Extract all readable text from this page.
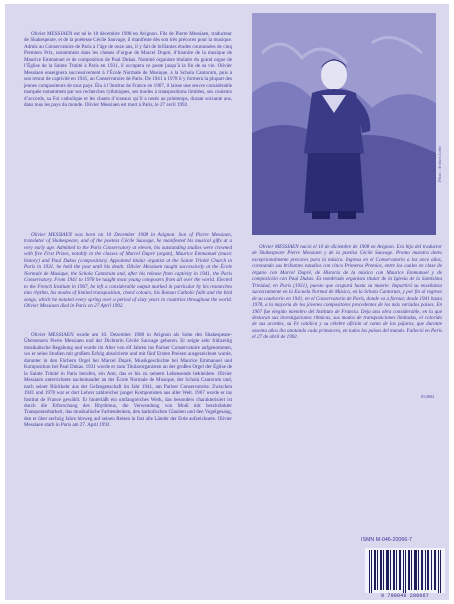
Olivier MESSIAEN est né le 10 décembre 1908 en Avignon. Fils de Pierre Messiaen, traducteur de Shakespeare, et de la poétesse Cécile Sauvage, il manifeste dès son très précoces pour la musique. Admis au Conservatoire de Paris à l’âge de onze ans, il y fait de brillantes études couronnées de cinq Premiers Prix, notamment dans les classes d’orgue de Marcel Dupré, d’histoire de la musique de Maurice Emmanuel et de composition de Paul Dukas. Nommé organiste titulaire du grand orgue de l’Église de la Sainte Trinité à Paris en 1931, il occupera ce poste jusqu’à la fin de sa vie. Olivier Messiaen enseignera successivement à l’École Normale de Musique, à la Schola Cantorum, puis à son retour de captivité en 1941, au Conservatoire de Paris. De 1941 à 1978 il y formera la plupart des jeunes compositeurs de tous pays. Élu à l’Institut de France en 1967, il laisse une œuvre considérable marquée notamment par ses recherches rythmiques, ses modes à transpositions limitées, ses couleurs d’accords, sa Foi catholique et les chants d’oiseaux qu’il a notés au printemps, durant soixante ans, dans tous les pays du monde. Olivier Messiaen est mort à Paris, le 27 avril 1992.

Olivier MESSIAEN was born on 10 December 1908 in Avignon. Son of Pierre Messiaen, translator of Shakespeare, and of the poetess Cécile Sauvage, he manifested his musical gifts at a very early age. Admitted to the Paris Conservatory at eleven, his outstanding studies were crowned with five First Prizes, notably in the classes of Marcel Dupré (organ), Maurice Emmanuel (music history) and Paul Dukas (composition). Appointed titular organist at the Sainte Trinité Church in Paris in 1931, he held the post until his death. Olivier Messiaen taught successively at the École Normale de Musique, the Schola Cantorum and, after his release from captivity in 1941, the Paris Conservatory. From 1941 to 1978 he taught most young composers from all over the world. Elected to the French Institute in 1967, he left a considerable output marked in particular by his researches into rhythm, his modes of limited transposition, chord colours, his Roman Catholic faith and the bird songs, which he notated every spring over a period of sixty years in countries throughout the world. Olivier Messiaen died in Paris on 27 April 1992.

Olivier MESSIAEN wurde am 10. Dezember 1908 in Avignon als Sohn des Shakespeare-Übersetzers Pierre Messiaen und der Dichterin Cécile Sauvage geboren. Er zeigte sehr frühzeitig musikalische Begabung und wurde im Alter von elf Jahren ins Pariser Conservatoire aufgenommen, wo er seine Studien mit großem Erfolg absolvierte und mit fünf Ersten Preisen ausgezeichnet wurde, darunter in den Fächern Orgel bei Marcel Dupré, Musikgeschichte bei Maurice Emmanuel und Komposition bei Paul Dukas. 1931 wurde er zum Titularorganisten an der großen Orgel der Église de la Sainte Trinité in Paris berufen, ein Amt, das er bis zu seinem Lebensende bekleidete. Olivier Messiaen unterrichtete nacheinander an der École Normale de Musique, der Schola Cantorum und, nach seiner Rückkehr aus der Gefangenschaft im Jahr 1941, am Pariser Conservatoire. Zwischen 1941 und 1978 war er dort Lehrer zahlreicher junger Komponisten aus aller Welt. 1967 wurde er ins Institut de France gewählt. Er hinterläßt ein umfangreiches Werk, das besonders charakterisiert ist durch die Erforschung des Rhythmus, die Verwendung von Modi mit beschränkter Transponierbarkeit, das musikalische Farbendenken, den katholischen Glauben und den Vogelgesang, den er über sechzig Jahre hinweg auf seinen Reisen in fast alle Länder der Erde aufzeichnete. Olivier Messiaen starb in Paris am 27. April 1992.

Photo : Arnhem Lotbé

Olivier MESSIAEN nació el 10 de diciembre de 1908 en Avignon. Era hijo del traductor de Shakespeare Pierre Messiaen y de la poetisa Cécile Sauvage. Pronto muestra dotes excepcionalmente precoces para la música. Ingresa en el Conservatorio a los once años, coronando sus brillantes estudios con cinco Primeros Premios, entre los cuales en clase de órgano con Marcel Dupré, de Historia de la música con Maurice Emmanuel y de composición con Paul Dukas. Es nombrado organista titular de la Iglesia de la Santísima Trinidad, en París (1931), puesto que ocupará hasta su muerte. Impartirá su enseñanza sucesivamente en la Escuela Normal de Música, en la Schola Cantorum, y por fin al regreso de su cautiverio en 1941, en el Conservatorio de París, donde va a formar, desde 1941 hasta 1978, a la mayoría de los jóvenes compositores procedentes de los más variados países. En 1967 fue elegido miembro del Instituto de Francia. Deja una obra considerable, en la que destacan sus investigaciones rítmicas, sus modos de transposiciones limitadas, el colorido de sus acordes, su Fe católica y su célebre afición al canto de los pájaros, que durante sesenta años iba anotando cada primavera, en todos los países del mundo. Falleció en París el 27 de abril de 1992.

01/2002
ISMN M-046-20066-7
9 790046 200667
